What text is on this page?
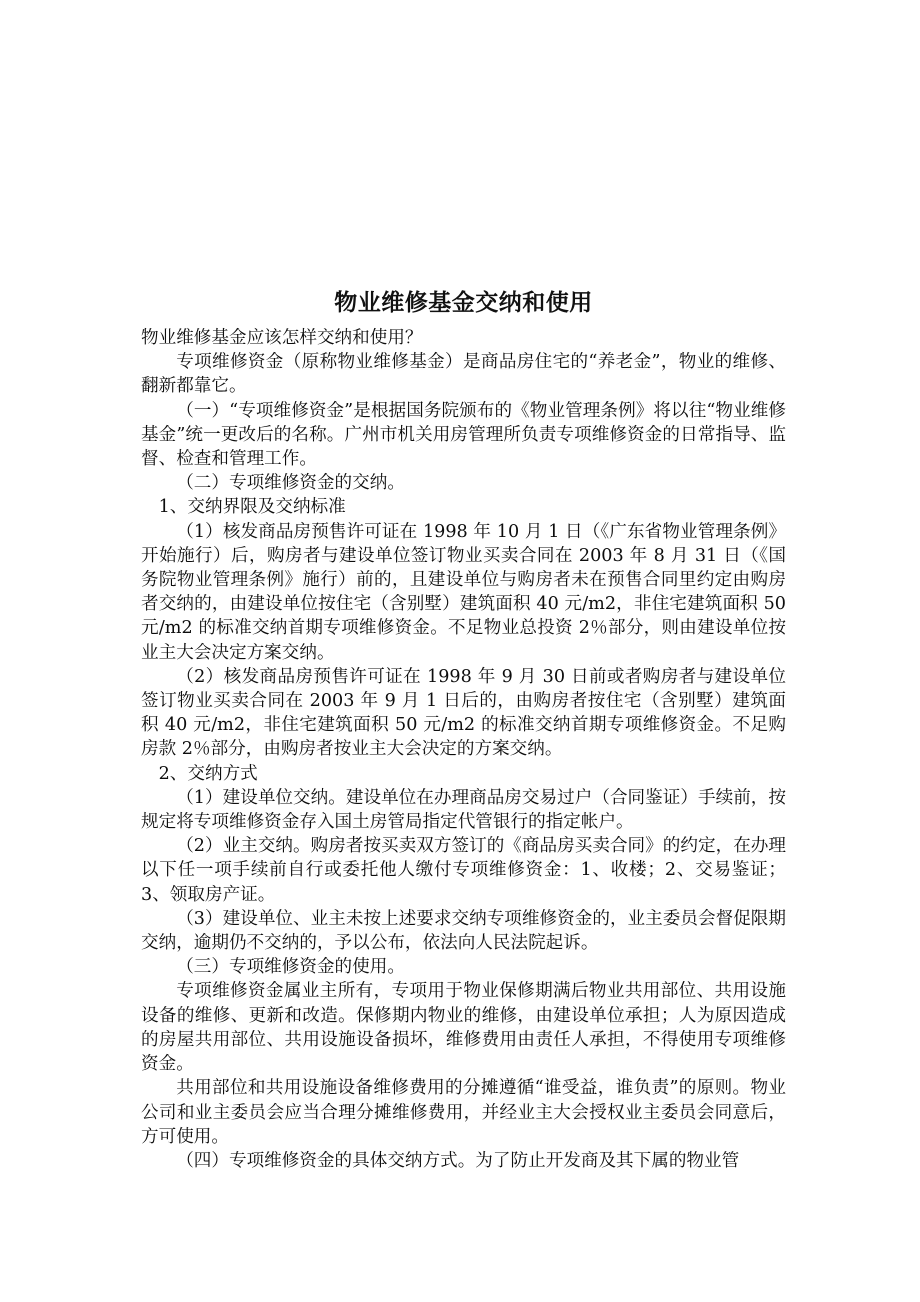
物业维修基金交纳和使用

物业维修基金应该怎样交纳和使用？

专项维修资金（原称物业维修基金）是商品房住宅的“养老金”，物业的维修、翻新都靠它。

（一）“专项维修资金”是根据国务院颁布的《物业管理条例》将以往“物业维修基金”统一更改后的名称。广州市机关用房管理所负责专项维修资金的日常指导、监督、检查和管理工作。

（二）专项维修资金的交纳。

1、交纳界限及交纳标准

（1）核发商品房预售许可证在 1998 年 10 月 1 日（《广东省物业管理条例》开始施行）后，购房者与建设单位签订物业买卖合同在 2003 年 8 月 31 日（《国务院物业管理条例》施行）前的，且建设单位与购房者未在预售合同里约定由购房者交纳的，由建设单位按住宅（含别墅）建筑面积 40 元/m2，非住宅建筑面积 50 元/m2 的标准交纳首期专项维修资金。不足物业总投资 2％部分，则由建设单位按业主大会决定方案交纳。

（2）核发商品房预售许可证在 1998 年 9 月 30 日前或者购房者与建设单位签订物业买卖合同在 2003 年 9 月 1 日后的，由购房者按住宅（含别墅）建筑面积 40 元/m2，非住宅建筑面积 50 元/m2 的标准交纳首期专项维修资金。不足购房款 2％部分，由购房者按业主大会决定的方案交纳。

2、交纳方式

（1）建设单位交纳。建设单位在办理商品房交易过户（合同鉴证）手续前，按规定将专项维修资金存入国土房管局指定代管银行的指定帐户。

（2）业主交纳。购房者按买卖双方签订的《商品房买卖合同》的约定，在办理以下任一项手续前自行或委托他人缴付专项维修资金：1、收楼；2、交易鉴证；3、领取房产证。

（3）建设单位、业主未按上述要求交纳专项维修资金的，业主委员会督促限期交纳，逾期仍不交纳的，予以公布，依法向人民法院起诉。

（三）专项维修资金的使用。

专项维修资金属业主所有，专项用于物业保修期满后物业共用部位、共用设施设备的维修、更新和改造。保修期内物业的维修，由建设单位承担；人为原因造成的房屋共用部位、共用设施设备损坏，维修费用由责任人承担，不得使用专项维修资金。

共用部位和共用设施设备维修费用的分摊遵循“谁受益，谁负责”的原则。物业公司和业主委员会应当合理分摊维修费用，并经业主大会授权业主委员会同意后，方可使用。

（四）专项维修资金的具体交纳方式。为了防止开发商及其下属的物业管
